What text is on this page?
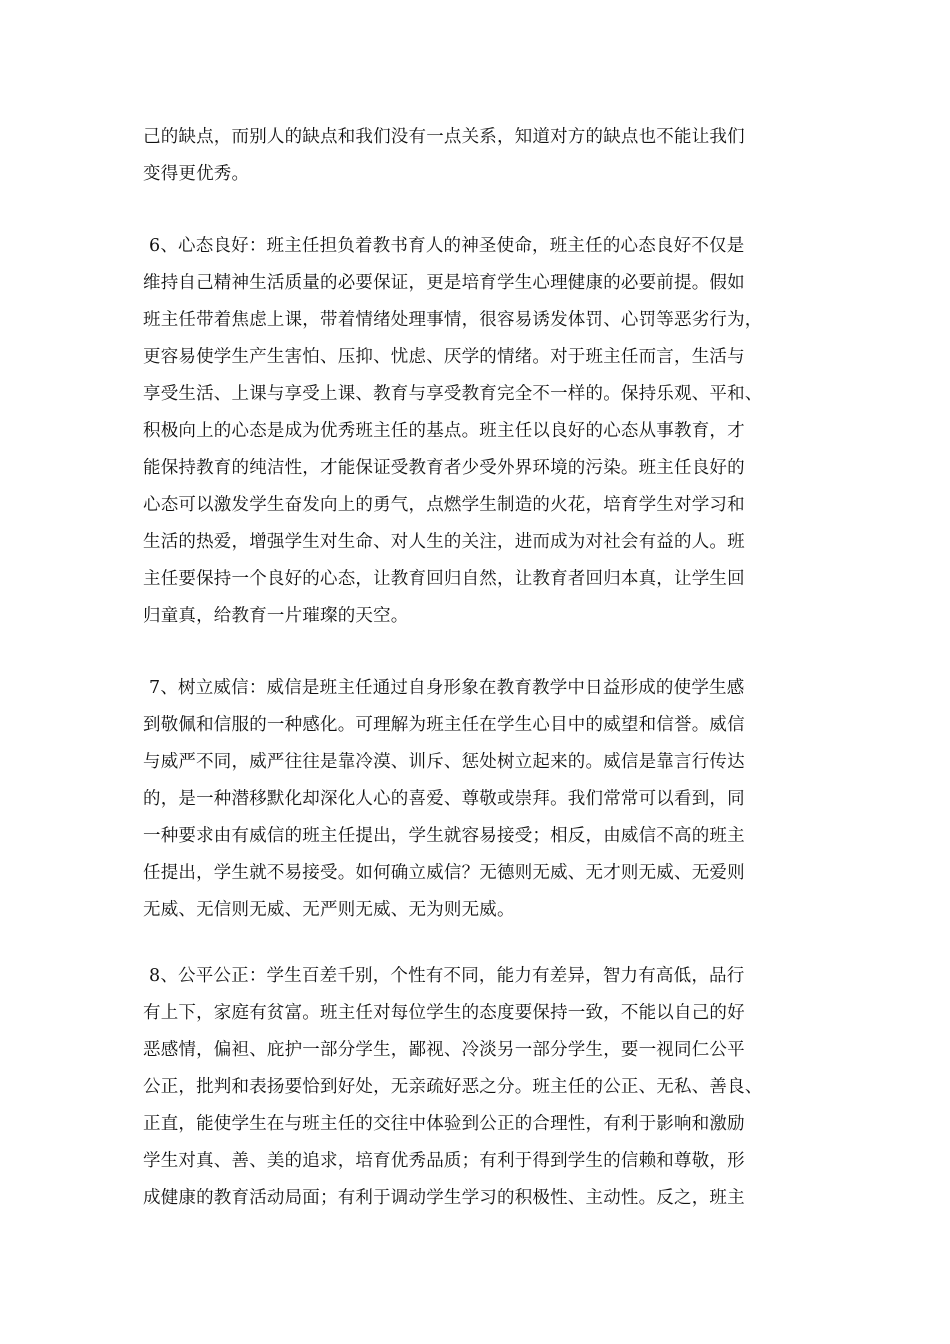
己的缺点，而别人的缺点和我们没有一点关系，知道对方的缺点也不能让我们
变得更优秀。
6、心态良好：班主任担负着教书育人的神圣使命，班主任的心态良好不仅是
维持自己精神生活质量的必要保证，更是培育学生心理健康的必要前提。假如
班主任带着焦虑上课，带着情绪处理事情，很容易诱发体罚、心罚等恶劣行为，
更容易使学生产生害怕、压抑、忧虑、厌学的情绪。对于班主任而言，生活与
享受生活、上课与享受上课、教育与享受教育完全不一样的。保持乐观、平和、
积极向上的心态是成为优秀班主任的基点。班主任以良好的心态从事教育，才
能保持教育的纯洁性，才能保证受教育者少受外界环境的污染。班主任良好的
心态可以激发学生奋发向上的勇气，点燃学生制造的火花，培育学生对学习和
生活的热爱，增强学生对生命、对人生的关注，进而成为对社会有益的人。班
主任要保持一个良好的心态，让教育回归自然，让教育者回归本真，让学生回
归童真，给教育一片璀璨的天空。
7、树立威信：威信是班主任通过自身形象在教育教学中日益形成的使学生感
到敬佩和信服的一种感化。可理解为班主任在学生心目中的威望和信誉。威信
与威严不同，威严往往是靠冷漠、训斥、惩处树立起来的。威信是靠言行传达
的，是一种潜移默化却深化人心的喜爱、尊敬或崇拜。我们常常可以看到，同
一种要求由有威信的班主任提出，学生就容易接受；相反，由威信不高的班主
任提出，学生就不易接受。如何确立威信？无德则无威、无才则无威、无爱则
无威、无信则无威、无严则无威、无为则无威。
8、公平公正：学生百差千别，个性有不同，能力有差异，智力有高低，品行
有上下，家庭有贫富。班主任对每位学生的态度要保持一致，不能以自己的好
恶感情，偏袒、庇护一部分学生，鄙视、冷淡另一部分学生，要一视同仁公平
公正，批判和表扬要恰到好处，无亲疏好恶之分。班主任的公正、无私、善良、
正直，能使学生在与班主任的交往中体验到公正的合理性，有利于影响和激励
学生对真、善、美的追求，培育优秀品质；有利于得到学生的信赖和尊敬，形
成健康的教育活动局面；有利于调动学生学习的积极性、主动性。反之，班主
